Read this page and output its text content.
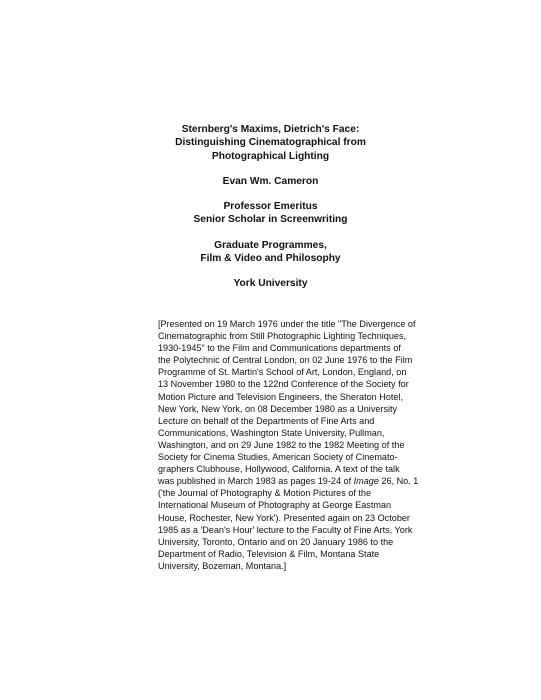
Sternberg's Maxims, Dietrich's Face:
Distinguishing Cinematographical from
Photographical Lighting
Evan Wm. Cameron
Professor Emeritus
Senior Scholar in Screenwriting
Graduate Programmes,
Film & Video and Philosophy
York University
[Presented on 19 March 1976 under the title "The Divergence of
Cinematographic from Still Photographic Lighting Techniques,
1930-1945" to the Film and Communications departments of
the Polytechnic of Central London, on 02 June 1976 to the Film
Programme of St. Martin's School of Art, London, England, on
13 November 1980 to the 122nd Conference of the Society for
Motion Picture and Television Engineers, the Sheraton Hotel,
New York, New York, on 08 December 1980 as a University
Lecture on behalf of the Departments of Fine Arts and
Communications, Washington State University, Pullman,
Washington, and on 29 June 1982 to the 1982 Meeting of the
Society for Cinema Studies, American Society of Cinemato-
graphers Clubhouse, Hollywood, California. A text of the talk
was published in March 1983 as pages 19-24 of Image 26, No. 1
('the Journal of Photography & Motion Pictures of the
International Museum of Photography at George Eastman
House, Rochester, New York'). Presented again on 23 October
1985 as a 'Dean's Hour' lecture to the Faculty of Fine Arts, York
University, Toronto, Ontario and on 20 January 1986 to the
Department of Radio, Television & Film, Montana State
University, Bozeman, Montana.]
